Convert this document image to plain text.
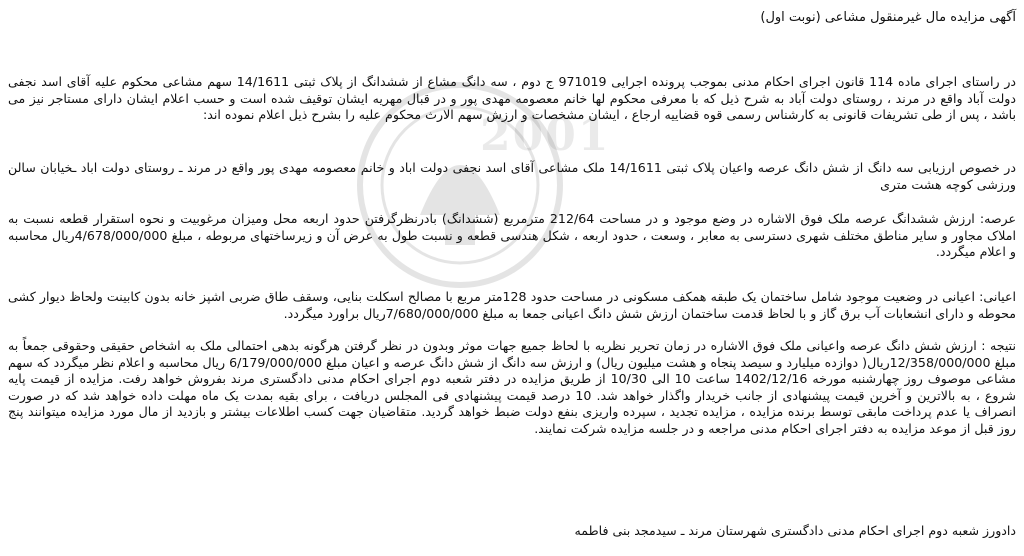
2001
آگهی مزایده مال غیرمنقول مشاعی (نوبت اول)
در راستای اجرای ماده 114 قانون اجرای احکام مدنی بموجب پرونده اجرایی 971019 ج دوم ، سه دانگ مشاع از ششدانگ از پلاک ثبتی 14/1611 سهم مشاعی محکوم علیه آقای اسد نجفی دولت آباد واقع در مرند ، روستای دولت آباد به شرح ذیل که با معرفی محکوم لها خانم معصومه مهدی پور و در قبال مهریه ایشان توقیف شده است و حسب اعلام ایشان دارای مستاجر نیز می باشد ، پس از طی تشریفات قانونی به کارشناس رسمی قوه قضاییه ارجاع ، ایشان مشخصات و ارزش سهم الارث محکوم علیه را بشرح ذیل اعلام نموده اند:
در خصوص ارزیابی سه دانگ از شش دانگ عرصه واعیان پلاک ثبتی 14/1611 ملک مشاعی آقای اسد نجفی دولت اباد و خانم معصومه مهدی پور واقع در مرند ـ روستای دولت اباد ـخیابان سالن ورزشی کوچه هشت متری
عرصه: ارزش ششدانگ عرصه ملک فوق الاشاره در وضع موجود و در مساحت 212/64 مترمربع (ششدانگ) بادرنظرگرفتن حدود اربعه محل ومیزان مرغوبیت و نحوه استقرار قطعه نسبت به املاک مجاور و سایر مناطق مختلف شهری دسترسی به معابر ، وسعت ، حدود اربعه ، شکل هندسی قطعه و نسبت طول به عرض آن و زیرساختهای مربوطه ، مبلغ 4/678/000/000ریال محاسبه و اعلام میگردد.
اعیانی: اعیانی در وضعیت موجود شامل ساختمان یک طبقه همکف مسکونی در مساحت حدود 128متر مربع با مصالح اسکلت بنایی، وسقف طاق ضربی اشپز خانه بدون کابینت ولحاظ دیوار کشی محوطه و دارای انشعابات آب برق گاز و با لحاظ قدمت ساختمان ارزش شش دانگ اعیانی جمعا به مبلغ 7/680/000/000ریال براورد میگردد.
نتیجه : ارزش شش دانگ عرصه واعیانی ملک فوق الاشاره در زمان تحریر نظریه با لحاظ جمیع جهات موثر وبدون در نظر گرفتن هرگونه بدهی احتمالی ملک به اشخاص حقیقی وحقوقی جمعاً به مبلغ 12/358/000/000ریال( دوازده میلیارد و سیصد پنجاه و هشت میلیون ریال) و ارزش سه دانگ از شش دانگ عرصه و اعیان مبلغ 6/179/000/000 ریال محاسبه و اعلام نظر میگردد که سهم مشاعی موصوف روز چهارشنبه مورخه 1402/12/16 ساعت 10 الی 10/30 از طریق مزایده در دفتر شعبه دوم اجرای احکام مدنی دادگستری مرند بفروش خواهد رفت. مزایده از قیمت پایه شروع ، به بالاترین و آخرین قیمت پیشنهادی از جانب خریدار واگذار خواهد شد. 10 درصد قیمت پیشنهادی فی المجلس دریافت ، برای بقیه بمدت یک ماه مهلت داده خواهد شد که در صورت انصراف یا عدم پرداخت مابقی توسط برنده مزایده ، مزایده تجدید ، سپرده واریزی بنفع دولت ضبط خواهد گردید. متقاضیان جهت کسب اطلاعات بیشتر و بازدید از مال مورد مزایده میتوانند پنج روز قبل از موعد مزایده به دفتر اجرای احکام مدنی مراجعه و در جلسه مزایده شرکت نمایند.
دادورز شعبه دوم اجرای احکام مدنی دادگستری شهرستان مرند ـ سیدمجد بنی فاطمه
